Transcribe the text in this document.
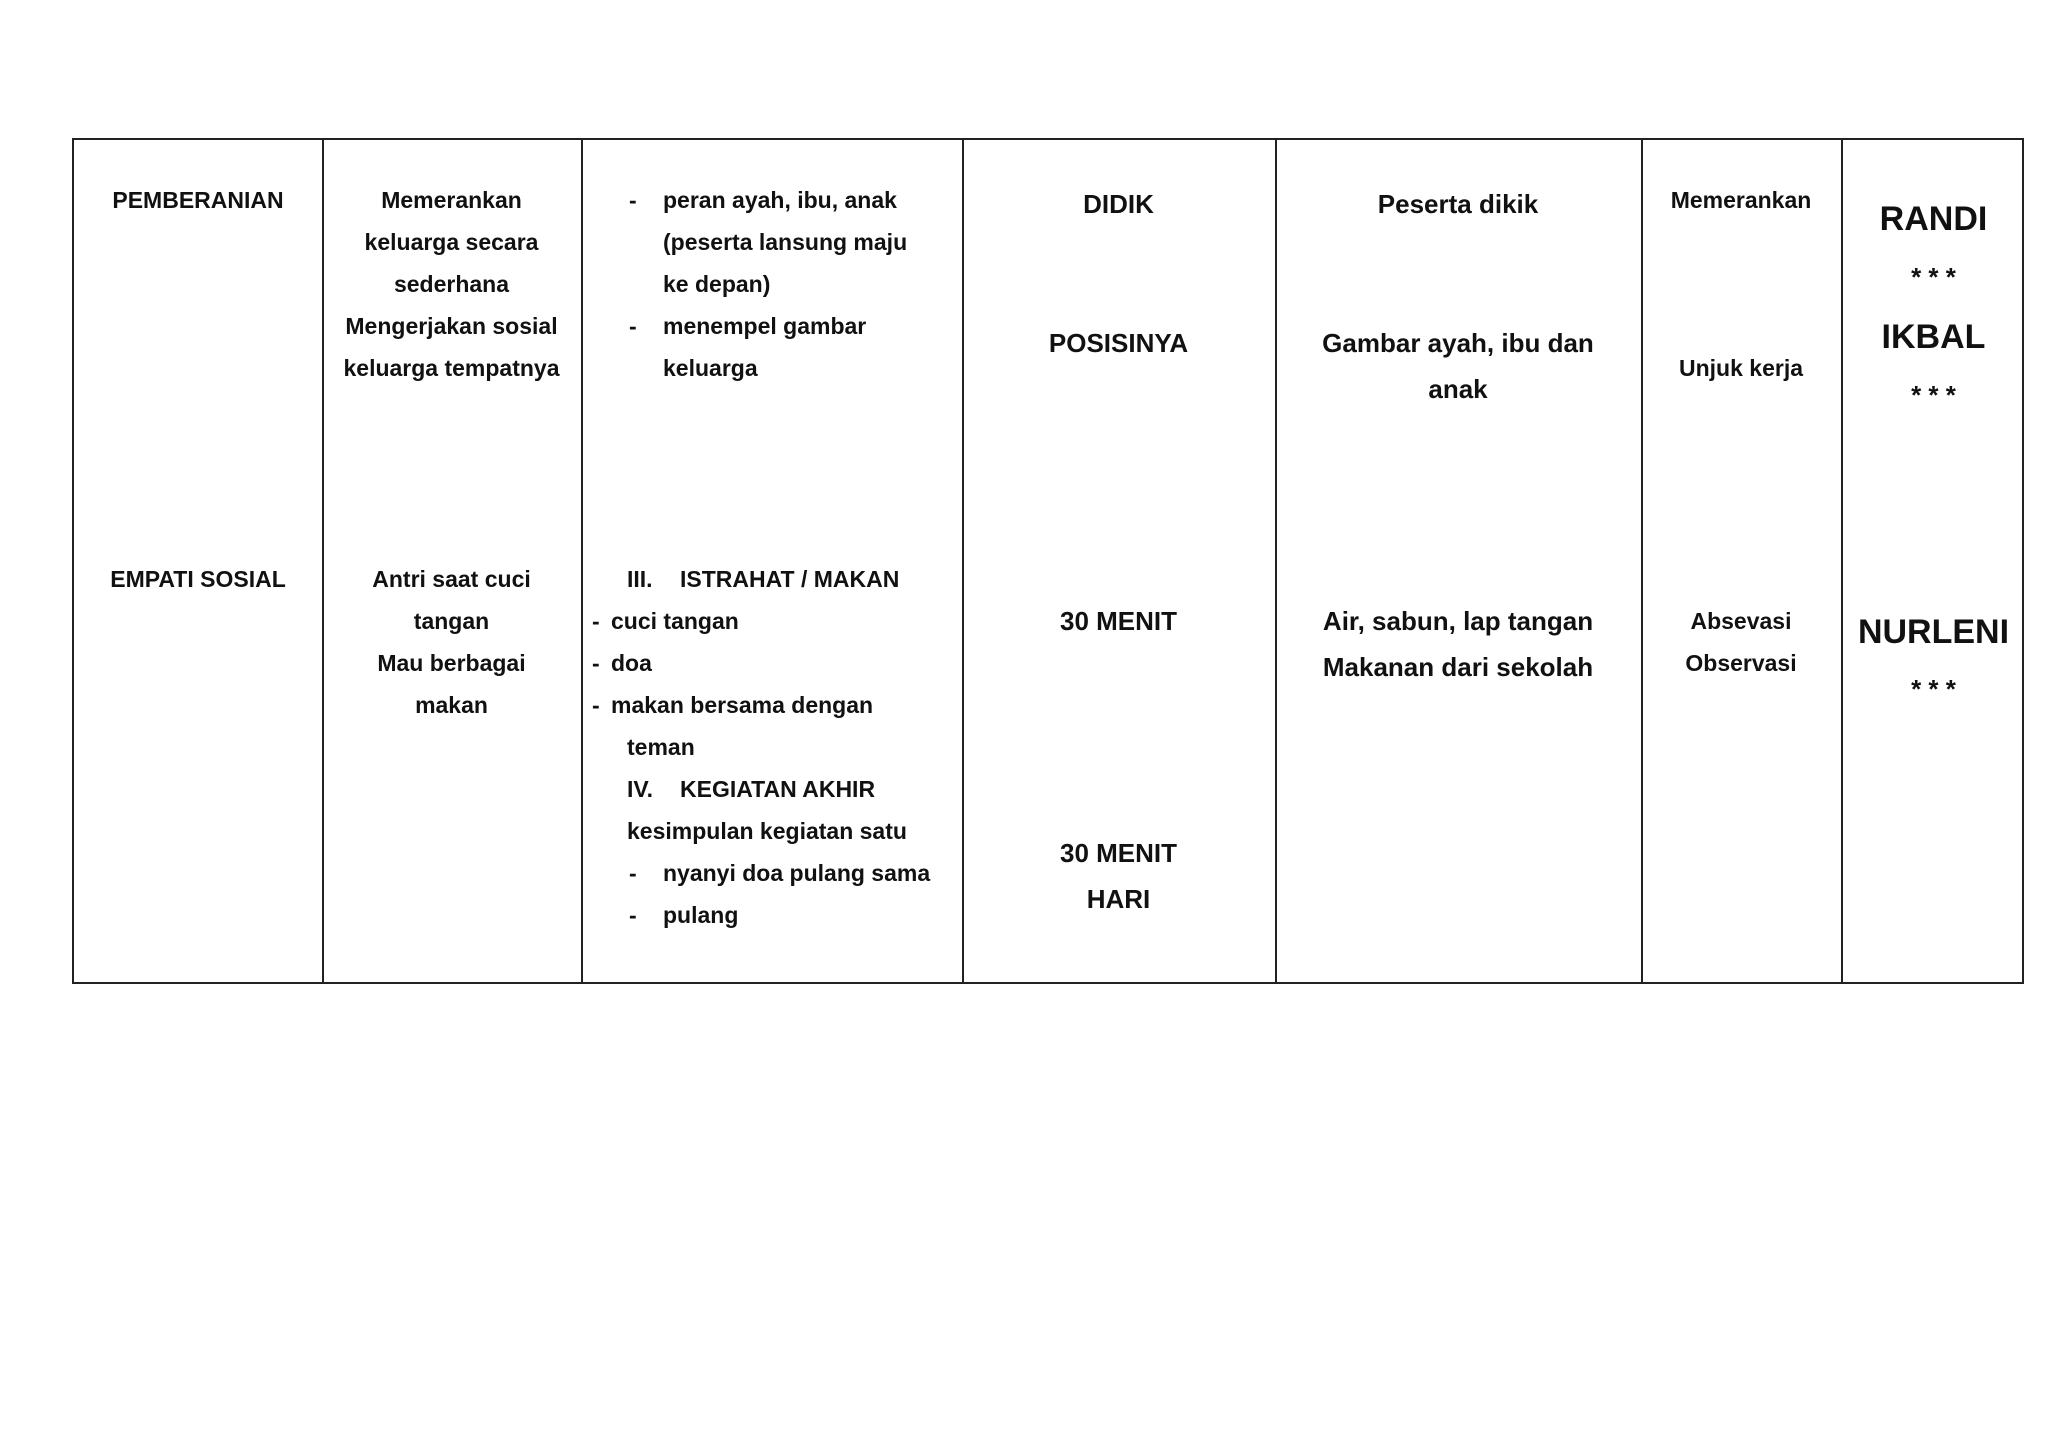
PEMBERANIAN
EMPATI SOSIAL
Memerankan
keluarga secara
sederhana
Mengerjakan sosial
keluarga tempatnya
Antri saat cuci
tangan
Mau berbagai
makan
- peran ayah, ibu, anak
(peserta lansung maju
ke depan)
- menempel gambar
keluarga
III. ISTRAHAT / MAKAN
- cuci tangan
- doa
- makan bersama dengan
teman
IV. KEGIATAN AKHIR
kesimpulan kegiatan satu
- nyanyi doa pulang sama
- pulang
DIDIK
POSISINYA
30 MENIT
30 MENIT
HARI
Peserta dikik
Gambar ayah, ibu dan
anak
Air, sabun, lap tangan
Makanan dari sekolah
Memerankan
Unjuk kerja
Absevasi
Observasi
RANDI
* * *
IKBAL
* * *
NURLENI
* * *
